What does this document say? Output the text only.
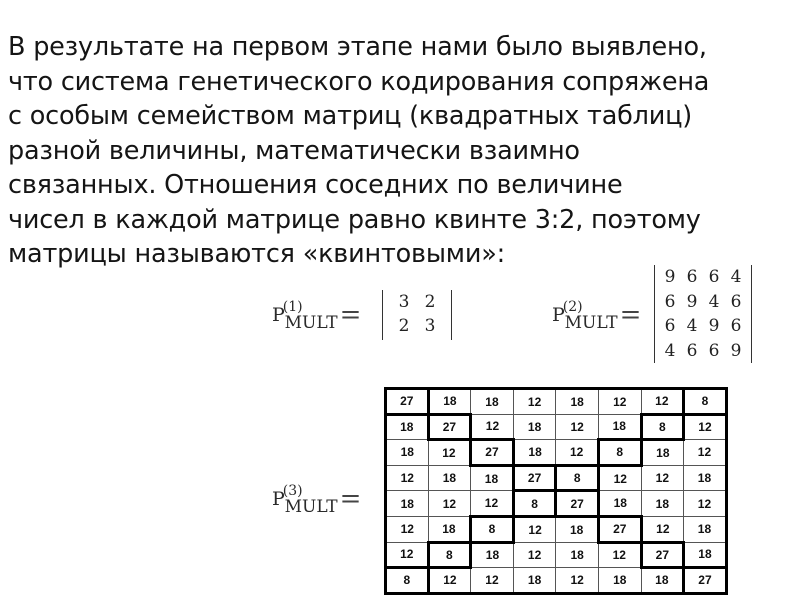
В результате на первом этапе нами было выявлено,
что система генетического кодирования сопряжена
с особым семейством матриц (квадратных таблиц)
разной величины, математически взаимно
связанных. Отношения соседних по величине
чисел в каждой матрице равно квинте 3:2, поэтому
матрицы называются «квинтовыми»:
P(1)MULT=	3	2
2	3	P(2)MULT=
9	6	6	4
6	9	4	6
6	4	9	6
4	6	6	9
P(3)MULT=
27	18	18	12	18	12	12	8
18	27	12	18	12	18	8	12
18	12	27	18	12	8	18	12
12	18	18	27	8	12	12	18
18	12	12	8	27	18	18	12
12	18	8	12	18	27	12	18
12	8	18	12	18	12	27	18
8	12	12	18	12	18	18	27
